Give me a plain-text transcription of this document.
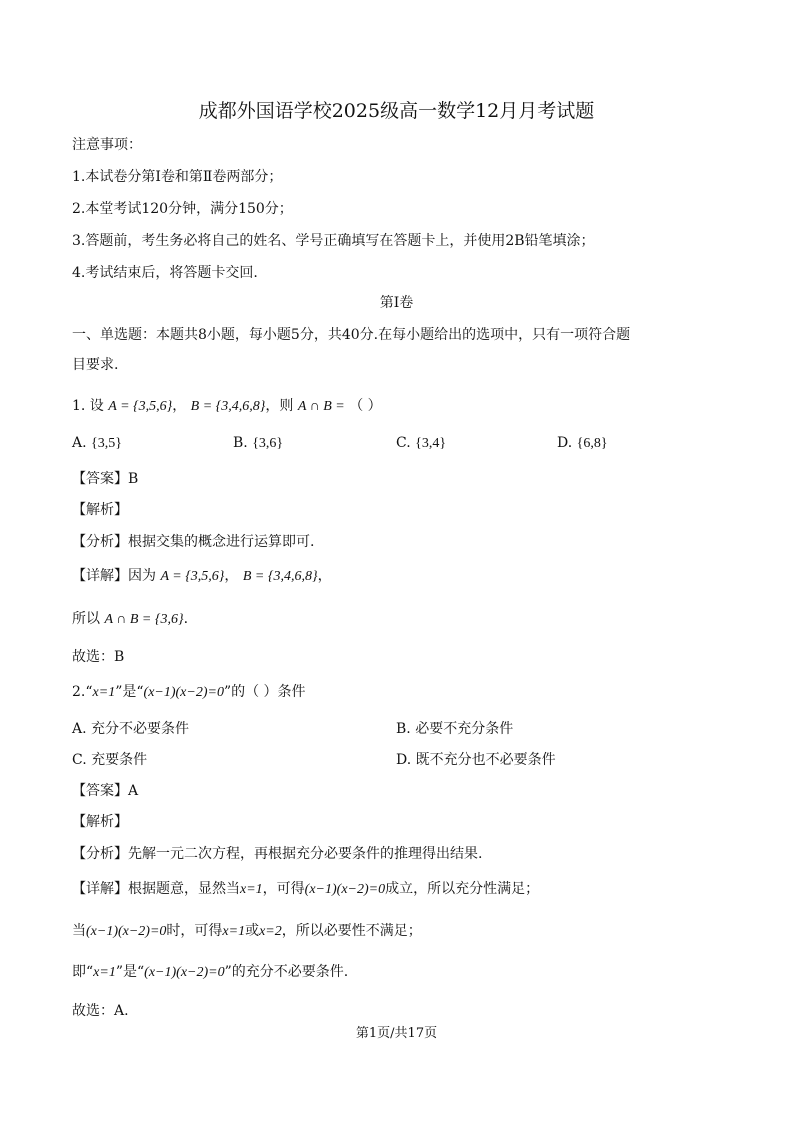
成都外国语学校2025级高一数学12月月考试题
注意事项：
1.本试卷分第Ⅰ卷和第Ⅱ卷两部分；
2.本堂考试120分钟，满分150分；
3.答题前，考生务必将自己的姓名、学号正确填写在答题卡上，并使用2B铅笔填涂；
4.考试结束后，将答题卡交回.
第Ⅰ卷
一、单选题：本题共8小题，每小题5分，共40分.在每小题给出的选项中，只有一项符合题
目要求.
1. 设 A = {3,5,6}， B = {3,4,6,8}，则 A ∩ B = （ ）
A. {3,5}	B. {3,6}	C. {3,4}	D. {6,8}
【答案】B
【解析】
【分析】根据交集的概念进行运算即可.
【详解】因为 A = {3,5,6}， B = {3,4,6,8}，
所以 A ∩ B = {3,6}.
故选：B
2.“x=1”是“(x−1)(x−2)=0”的（ ）条件
A. 充分不必要条件	B. 必要不充分条件
C. 充要条件	D. 既不充分也不必要条件
【答案】A
【解析】
【分析】先解一元二次方程，再根据充分必要条件的推理得出结果.
【详解】根据题意，显然当x=1，可得(x−1)(x−2)=0成立，所以充分性满足；
当(x−1)(x−2)=0时，可得x=1或x=2，所以必要性不满足；
即“x=1”是“(x−1)(x−2)=0”的充分不必要条件.
故选：A.
第1页/共17页
